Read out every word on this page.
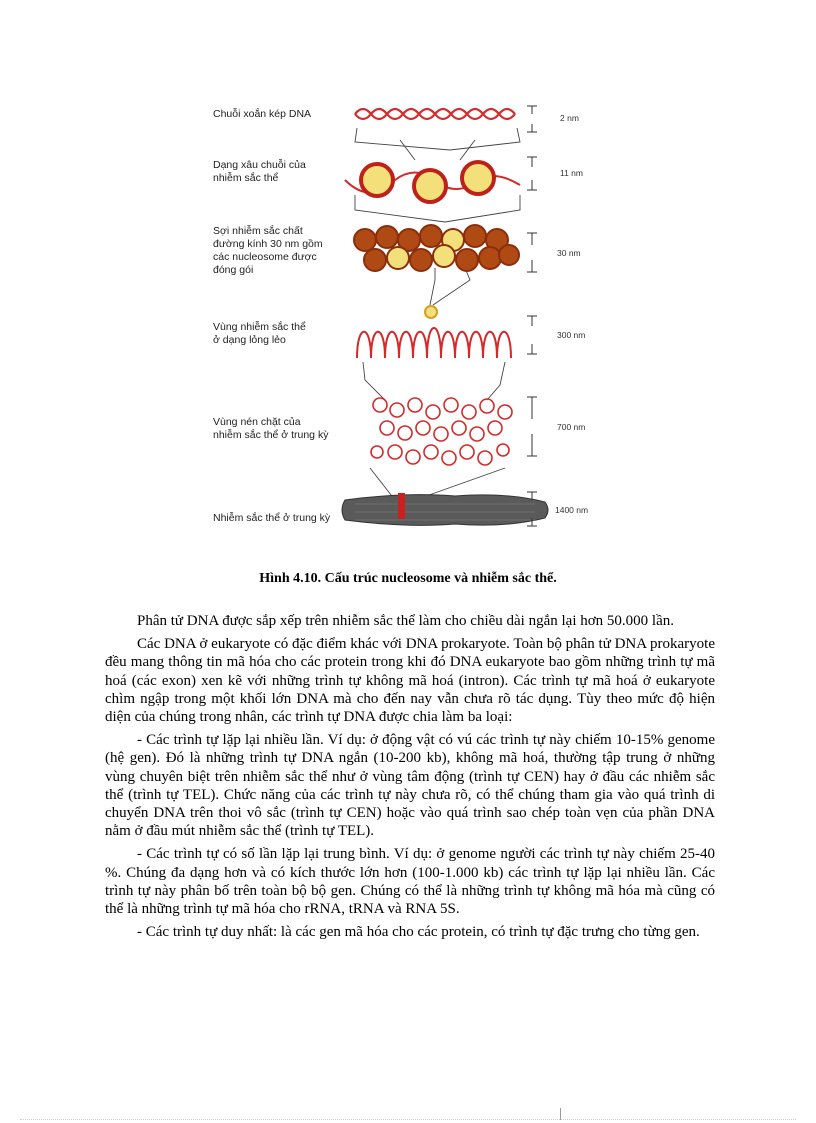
Chuỗi xoắn kép DNA
Dạng xâu chuỗi của nhiễm sắc thể
Sợi nhiễm sắc chất đường kính 30 nm gồm các nucleosome được đóng gói
Vùng nhiễm sắc thể ở dạng lỏng lẻo
Vùng nén chặt của nhiễm sắc thể ở trung kỳ
Nhiễm sắc thể ở trung kỳ
2 nm
11 nm
30 nm
300 nm
700 nm
1400 nm
Hình 4.10. Cấu trúc nucleosome và nhiễm sắc thể.

Phân tử DNA được sắp xếp trên nhiễm sắc thể làm cho chiều dài ngắn lại hơn 50.000 lần.

Các DNA ở eukaryote có đặc điểm khác với DNA prokaryote. Toàn bộ phân tử DNA prokaryote đều mang thông tin mã hóa cho các protein trong khi đó DNA eukaryote bao gồm những trình tự mã hoá (các exon) xen kẽ với những trình tự không mã hoá (intron). Các trình tự mã hoá ở eukaryote chìm ngập trong một khối lớn DNA mà cho đến nay vẫn chưa rõ tác dụng. Tùy theo mức độ hiện diện của chúng trong nhân, các trình tự DNA được chia làm ba loại:

- Các trình tự lặp lại nhiều lần. Ví dụ: ở động vật có vú các trình tự này chiếm 10-15% genome (hệ gen). Đó là những trình tự DNA ngắn (10-200 kb), không mã hoá, thường tập trung ở những vùng chuyên biệt trên nhiễm sắc thể như ở vùng tâm động (trình tự CEN) hay ở đầu các nhiễm sắc thể (trình tự TEL). Chức năng của các trình tự này chưa rõ, có thể chúng tham gia vào quá trình di chuyển DNA trên thoi vô sắc (trình tự CEN) hoặc vào quá trình sao chép toàn vẹn của phần DNA nằm ở đầu mút nhiễm sắc thể (trình tự TEL).

- Các trình tự có số lần lặp lại trung bình. Ví dụ: ở genome người các trình tự này chiếm 25-40 %. Chúng đa dạng hơn và có kích thước lớn hơn (100-1.000 kb) các trình tự lặp lại nhiều lần. Các trình tự này phân bố trên toàn bộ bộ gen. Chúng có thể là những trình tự không mã hóa mà cũng có thể là những trình tự mã hóa cho rRNA, tRNA và RNA 5S.

- Các trình tự duy nhất: là các gen mã hóa cho các protein, có trình tự đặc trưng cho từng gen.
